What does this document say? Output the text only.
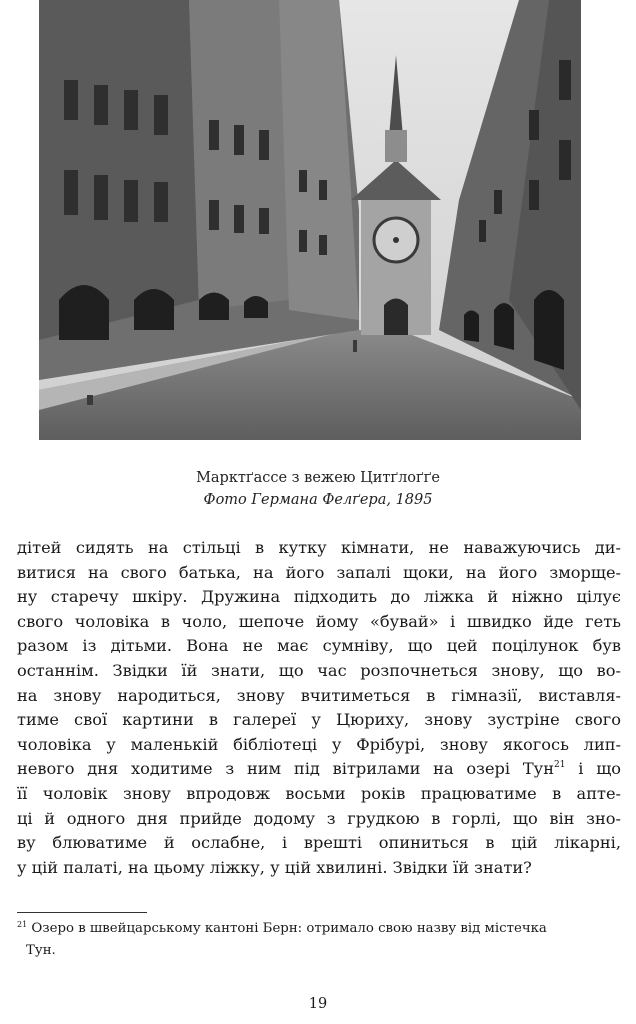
Марктґассе з вежею Цитґлоґґе
Фото Германа Фелґера, 1895
дітей сидять на стільці в кутку кімнати, не наважуючись ди-
витися на свого батька, на його запалі щоки, на його зморще-
ну старечу шкіру. Дружина підходить до ліжка й ніжно цілує
свого чоловіка в чоло, шепоче йому «бувай» і швидко йде геть
разом із дітьми. Вона не має сумніву, що цей поцілунок був
останнім. Звідки їй знати, що час розпочнеться знову, що во-
на знову народиться, знову вчитиметься в гімназії, виставля-
тиме свої картини в галереї у Цюриху, знову зустріне свого
чоловіка у маленькій бібліотеці у Фрібурі, знову якогось лип-
невого дня ходитиме з ним під вітрилами на озері Тун$^{21}$ і що
її чоловік знову впродовж восьми років працюватиме в апте-
ці й одного дня прийде додому з грудкою в горлі, що він зно-
ву блюватиме й ослабне, і врешті опиниться в цій лікарні,
у цій палаті, на цьому ліжку, у цій хвилині. Звідки їй знати?
$^{21}$ Озеро в швейцарському кантоні Берн: отримало свою назву від містечка
Тун.
19
